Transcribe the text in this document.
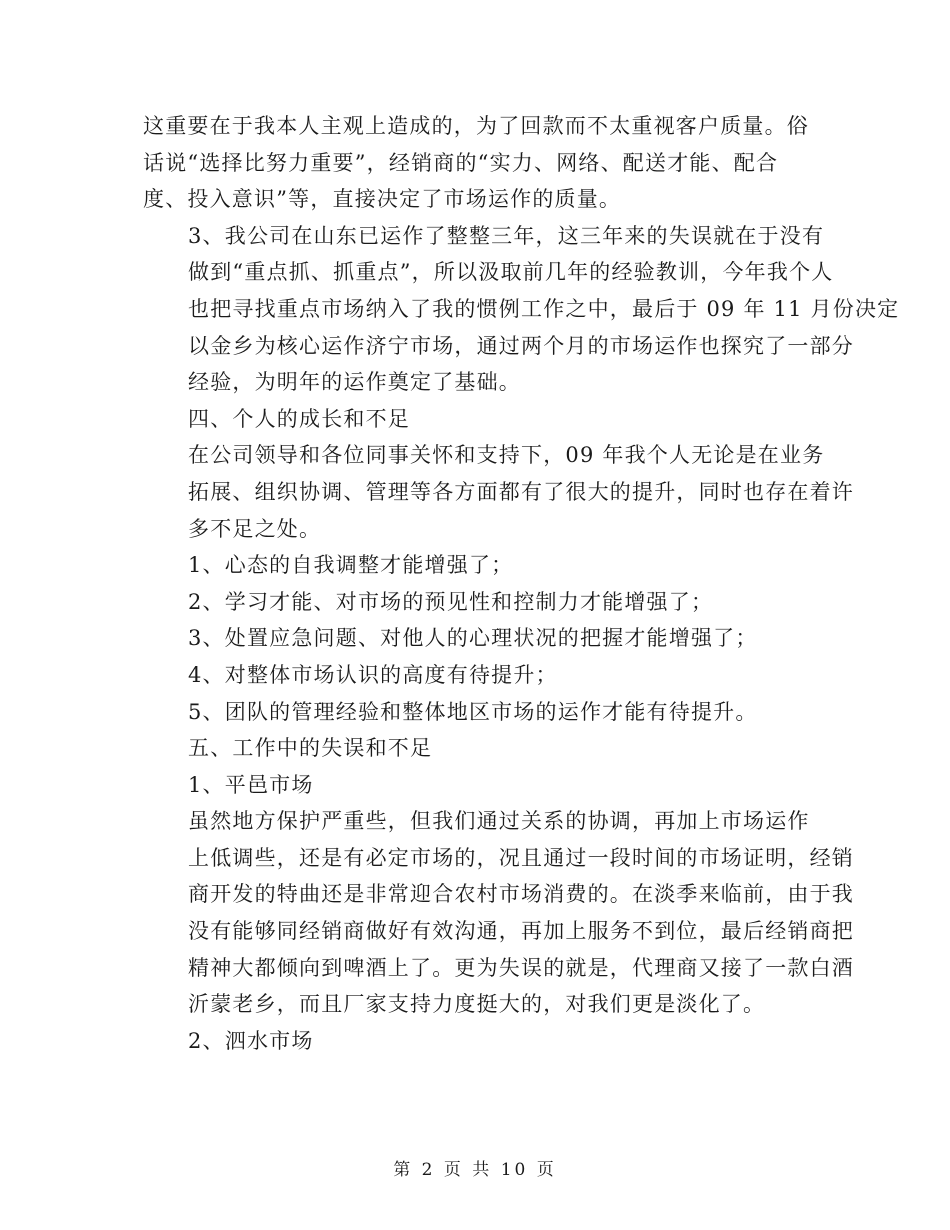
这重要在于我本人主观上造成的，为了回款而不太重视客户质量。俗
话说“选择比努力重要”，经销商的“实力、网络、配送才能、配合
度、投入意识”等，直接决定了市场运作的质量。

3、我公司在山东已运作了整整三年，这三年来的失误就在于没有
做到“重点抓、抓重点”，所以汲取前几年的经验教训，今年我个人
也把寻找重点市场纳入了我的惯例工作之中，最后于 09 年 11 月份决定
以金乡为核心运作济宁市场，通过两个月的市场运作也探究了一部分
经验，为明年的运作奠定了基础。

四、个人的成长和不足

在公司领导和各位同事关怀和支持下，09 年我个人无论是在业务
拓展、组织协调、管理等各方面都有了很大的提升，同时也存在着许
多不足之处。

1、心态的自我调整才能增强了；

2、学习才能、对市场的预见性和控制力才能增强了；

3、处置应急问题、对他人的心理状况的把握才能增强了；

4、对整体市场认识的高度有待提升；

5、团队的管理经验和整体地区市场的运作才能有待提升。

五、工作中的失误和不足

1、平邑市场

虽然地方保护严重些，但我们通过关系的协调，再加上市场运作
上低调些，还是有必定市场的，况且通过一段时间的市场证明，经销
商开发的特曲还是非常迎合农村市场消费的。在淡季来临前，由于我
没有能够同经销商做好有效沟通，再加上服务不到位，最后经销商把
精神大都倾向到啤酒上了。更为失误的就是，代理商又接了一款白酒
沂蒙老乡，而且厂家支持力度挺大的，对我们更是淡化了。

2、泗水市场

第 2 页 共 10 页
